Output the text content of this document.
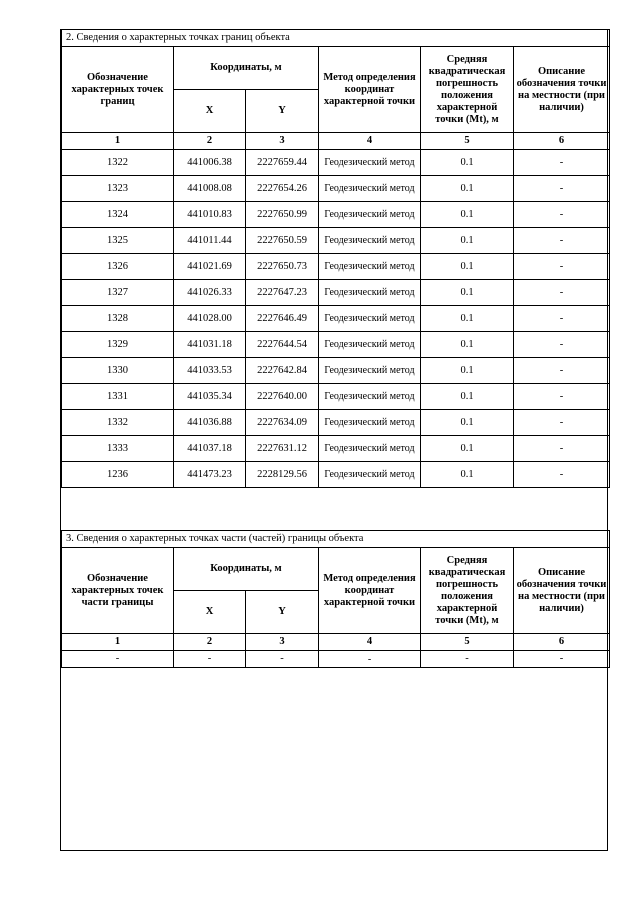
2. Сведения о характерных точках границ объекта					
Обозначение характерных точек границ	Координаты, м		Метод определения координат характерной точки	Средняя квадратическая погрешность положения характерной точки (Mt), м	Описание обозначения точки на местности (при наличии)
	X	Y			
1	2	3	4	5	6
1322	441006.38	2227659.44	Геодезический метод	0.1	-
1323	441008.08	2227654.26	Геодезический метод	0.1	-
1324	441010.83	2227650.99	Геодезический метод	0.1	-
1325	441011.44	2227650.59	Геодезический метод	0.1	-
1326	441021.69	2227650.73	Геодезический метод	0.1	-
1327	441026.33	2227647.23	Геодезический метод	0.1	-
1328	441028.00	2227646.49	Геодезический метод	0.1	-
1329	441031.18	2227644.54	Геодезический метод	0.1	-
1330	441033.53	2227642.84	Геодезический метод	0.1	-
1331	441035.34	2227640.00	Геодезический метод	0.1	-
1332	441036.88	2227634.09	Геодезический метод	0.1	-
1333	441037.18	2227631.12	Геодезический метод	0.1	-
1236	441473.23	2228129.56	Геодезический метод	0.1	-
3. Сведения о характерных точках части (частей) границы объекта					
Обозначение характерных точек части границы	Координаты, м		Метод определения координат характерной точки	Средняя квадратическая погрешность положения характерной точки (Mt), м	Описание обозначения точки на местности (при наличии)
	X	Y			
1	2	3	4	5	6
-	-	-	-	-	-
